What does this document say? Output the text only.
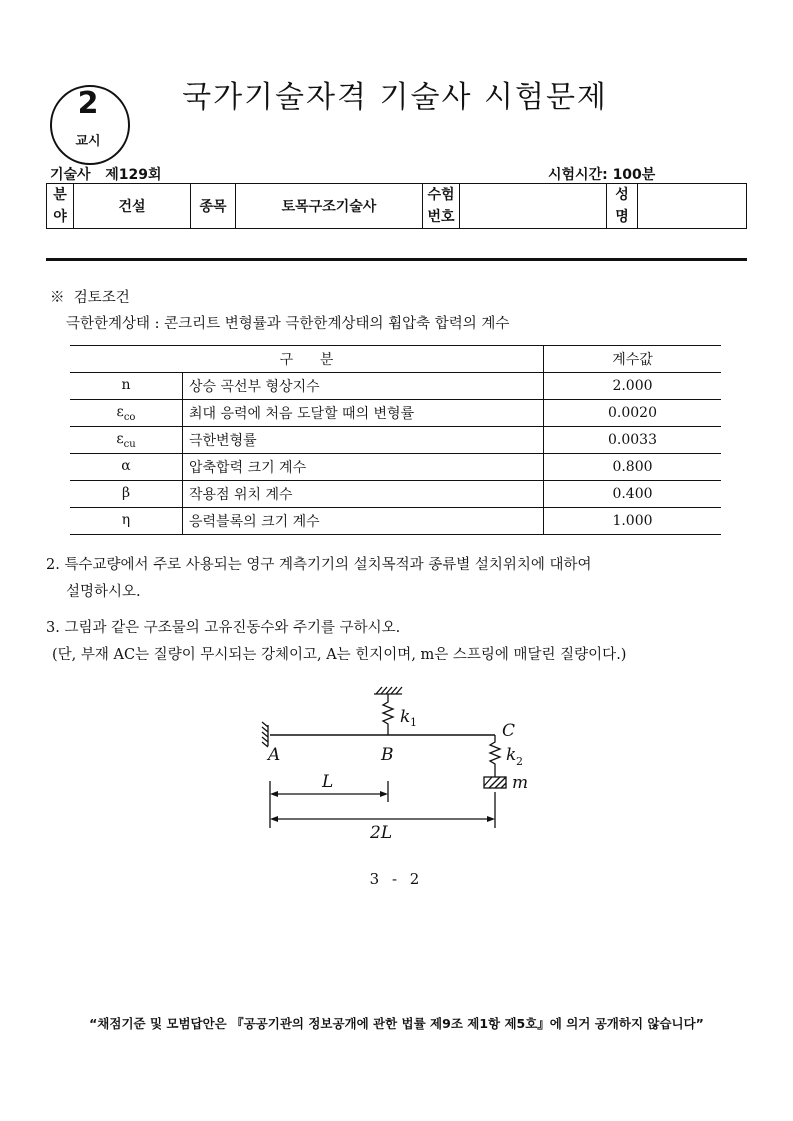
2
교시
국가기술자격 기술사 시험문제
기술사   제129회	시험시간: 100분
분야	건설	종목	토목구조기술사	수험번호		성명	

※  검토조건
극한한계상태 : 콘크리트 변형률과 극한한계상태의 휨압축 합력의 계수
구      분		계수값
n	상승 곡선부 형상지수	2.000
$\varepsilon_{co}$	최대 응력에 처음 도달할 때의 변형률	0.0020
$\varepsilon_{cu}$	극한변형률	0.0033
α	압축합력 크기 계수	0.800
β	작용점 위치 계수	0.400
η	응력블록의 크기 계수	1.000
2. 특수교량에서 주로 사용되는 영구 계측기기의 설치목적과 종류별 설치위치에 대하여
설명하시오.
3. 그림과 같은 구조물의 고유진동수와 주기를 구하시오.
(단, 부재 AC는 질량이 무시되는 강체이고, A는 힌지이며, m은 스프링에 매달린 질량이다.)
A	B
C
k 1
k 2
m
L
2L
3 - 2
“채점기준 및 모범답안은 『공공기관의 정보공개에 관한 법률 제9조 제1항 제5호』에 의거 공개하지 않습니다”
